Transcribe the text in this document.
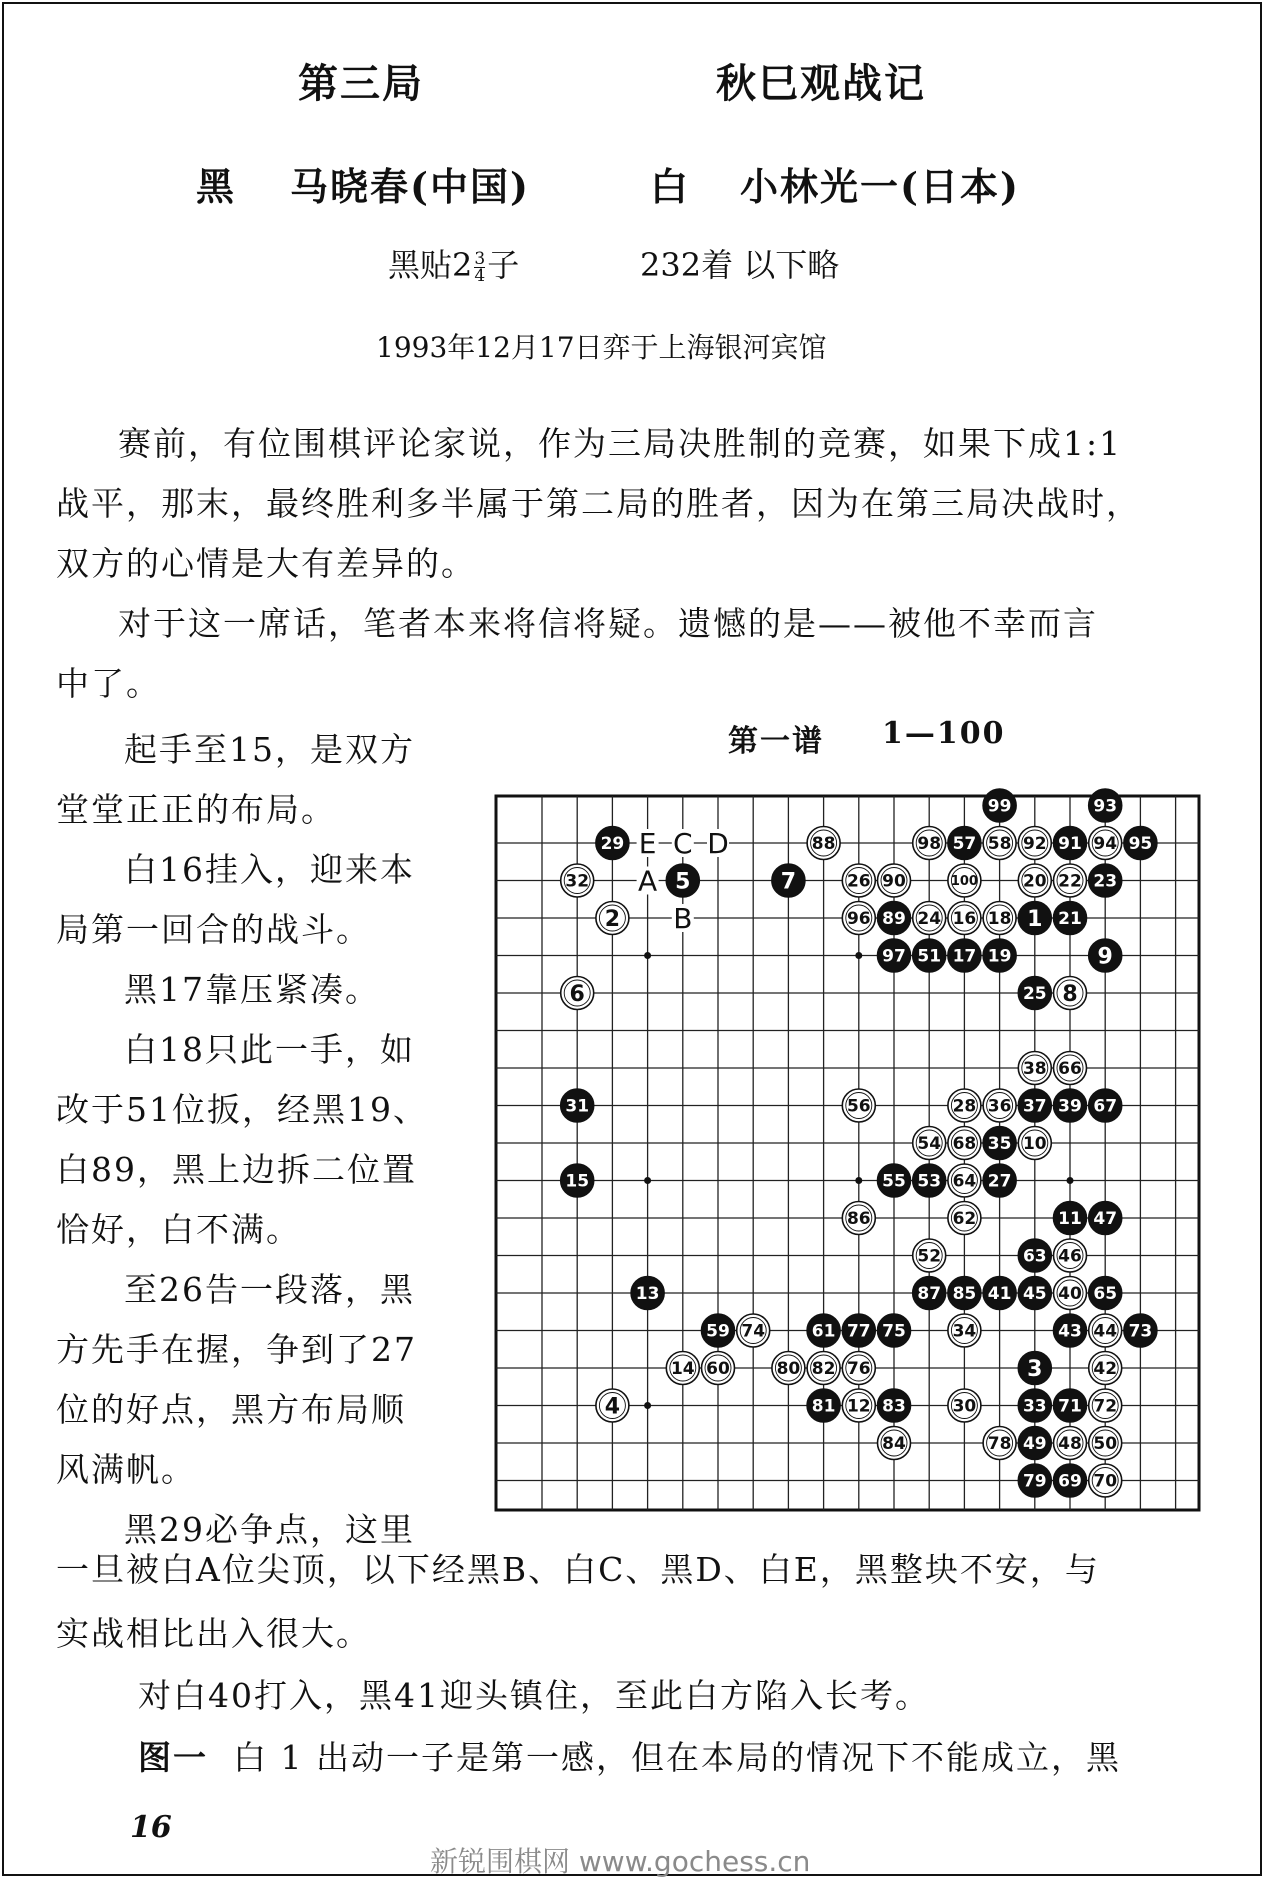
第三局	秋巳观战记
黑 马晓春(中国)	白 小林光一(日本)
黑贴$2 \frac{3}{4}$ 子	232着 以下略
1993年12月17日弈于上海银河宾馆
赛前，有位围棋评论家说，作为三局决胜制的竞赛，如果下成1:1
战平，那末，最终胜利多半属于第二局的胜者，因为在第三局决战时，
双方的心情是大有差异的。
对于这一席话，笔者本来将信将疑。遗憾的是——被他不幸而言
中了。
起手至15，是双方
堂堂正正的布局。
白16挂入，迎来本
局第一回合的战斗。
黑17靠压紧凑。
白18只此一手，如
改于51位扳，经黑19、
白89，黑上边拆二位置
恰好，白不满。
至26告一段落，黑
方先手在握，争到了27
位的好点，黑方布局顺
风满帆。
黑29必争点，这里
一旦被白A位尖顶，以下经黑B、白C、黑D、白E，黑整块不安，与
实战相比出入很大。
对白40打入，黑41迎头镇住，至此白方陷入长考。
图一 白 1 出动一子是第一感，但在本局的情况下不能成立，黑
第一谱 1—100
99	93
29	88	98 57 58 92 91 94 95
32	5	7	26 90	100	20 22 23
2	96 89 24 16 18 1 21
97 51 17 19	9
6	25 8
38 66
31	56	28 36 37 39 67
54 68 35 10
15	55 53 64 27
86	62	11 47
52	63 46
13	87 85 41 45 40 65
59 74	61 77 75	34	43 44 73
14 60	80 82 76	3	42
4	81 12 83	30	33 71 72
84	78 49 48 50
79 69 70
E C D
A
B
16
新锐围棋网 www.gochess.cn
